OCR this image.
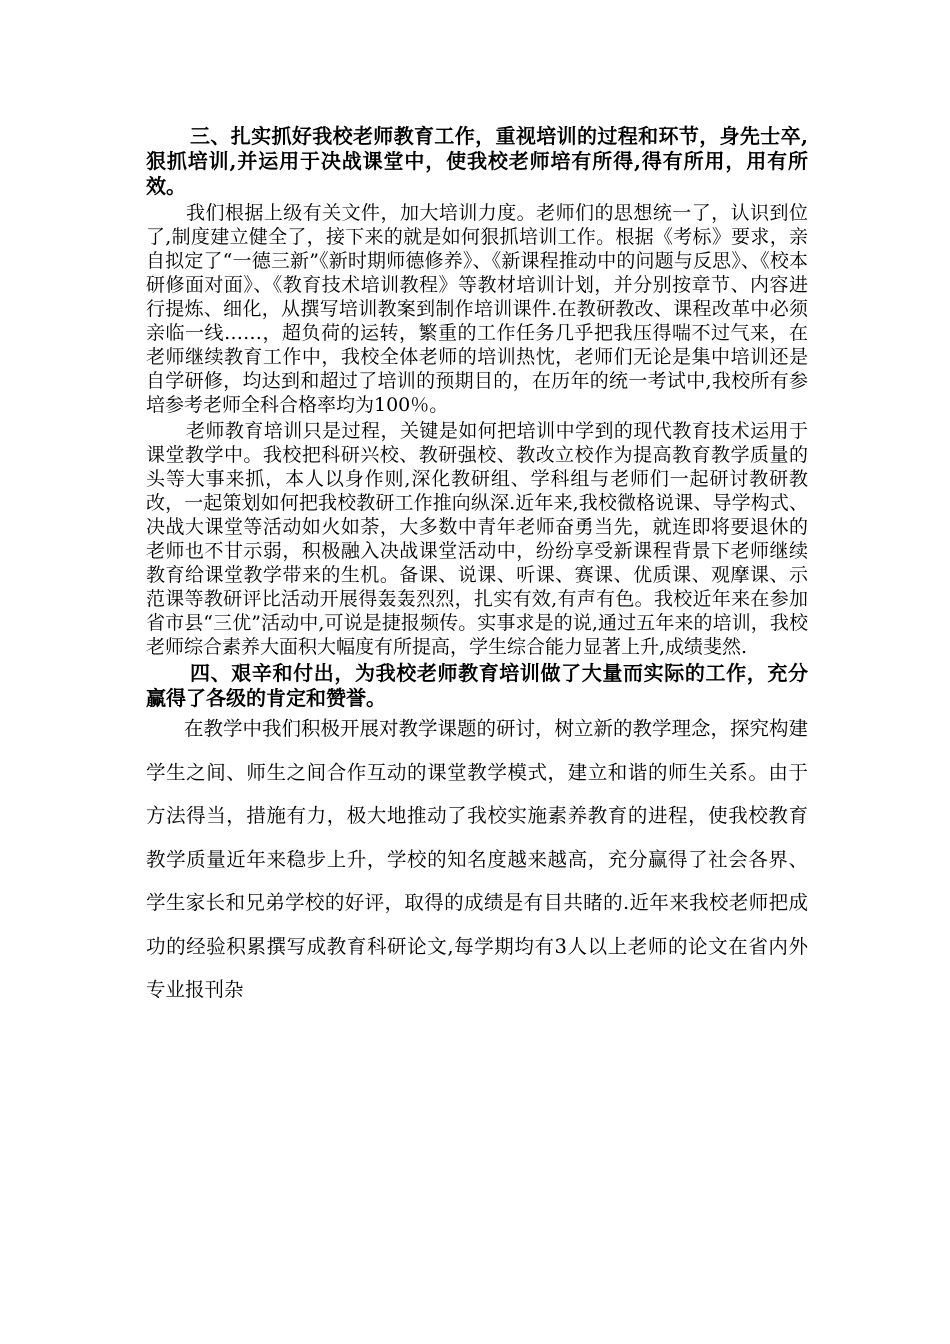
三、扎实抓好我校老师教育工作，重视培训的过程和环节，身先士卒,狠抓培训,并运用于决战课堂中，使我校老师培有所得,得有所用，用有所效。

我们根据上级有关文件，加大培训力度。老师们的思想统一了，认识到位了,制度建立健全了，接下来的就是如何狠抓培训工作。根据《考标》要求，亲自拟定了“一德三新”《新时期师德修养》、《新课程推动中的问题与反思》、《校本研修面对面》、《教育技术培训教程》等教材培训计划，并分别按章节、内容进行提炼、细化，从撰写培训教案到制作培训课件.在教研教改、课程改革中必须亲临一线……，超负荷的运转，繁重的工作任务几乎把我压得喘不过气来，在老师继续教育工作中，我校全体老师的培训热忱，老师们无论是集中培训还是自学研修，均达到和超过了培训的预期目的，在历年的统一考试中,我校所有参培参考老师全科合格率均为100％。

老师教育培训只是过程，关键是如何把培训中学到的现代教育技术运用于课堂教学中。我校把科研兴校、教研强校、教改立校作为提高教育教学质量的头等大事来抓，本人以身作则,深化教研组、学科组与老师们一起研讨教研教改，一起策划如何把我校教研工作推向纵深.近年来,我校微格说课、导学构式、决战大课堂等活动如火如荼，大多数中青年老师奋勇当先，就连即将要退休的老师也不甘示弱，积极融入决战课堂活动中，纷纷享受新课程背景下老师继续教育给课堂教学带来的生机。备课、说课、听课、赛课、优质课、观摩课、示范课等教研评比活动开展得轰轰烈烈，扎实有效,有声有色。我校近年来在参加省市县“三优”活动中,可说是捷报频传。实事求是的说,通过五年来的培训，我校老师综合素养大面积大幅度有所提高，学生综合能力显著上升,成绩斐然.

四、艰辛和付出，为我校老师教育培训做了大量而实际的工作，充分赢得了各级的肯定和赞誉。

在教学中我们积极开展对教学课题的研讨，树立新的教学理念，探究构建学生之间、师生之间合作互动的课堂教学模式，建立和谐的师生关系。由于方法得当，措施有力，极大地推动了我校实施素养教育的进程，使我校教育教学质量近年来稳步上升，学校的知名度越来越高，充分赢得了社会各界、学生家长和兄弟学校的好评，取得的成绩是有目共睹的.近年来我校老师把成功的经验积累撰写成教育科研论文,每学期均有3人以上老师的论文在省内外专业报刊杂
